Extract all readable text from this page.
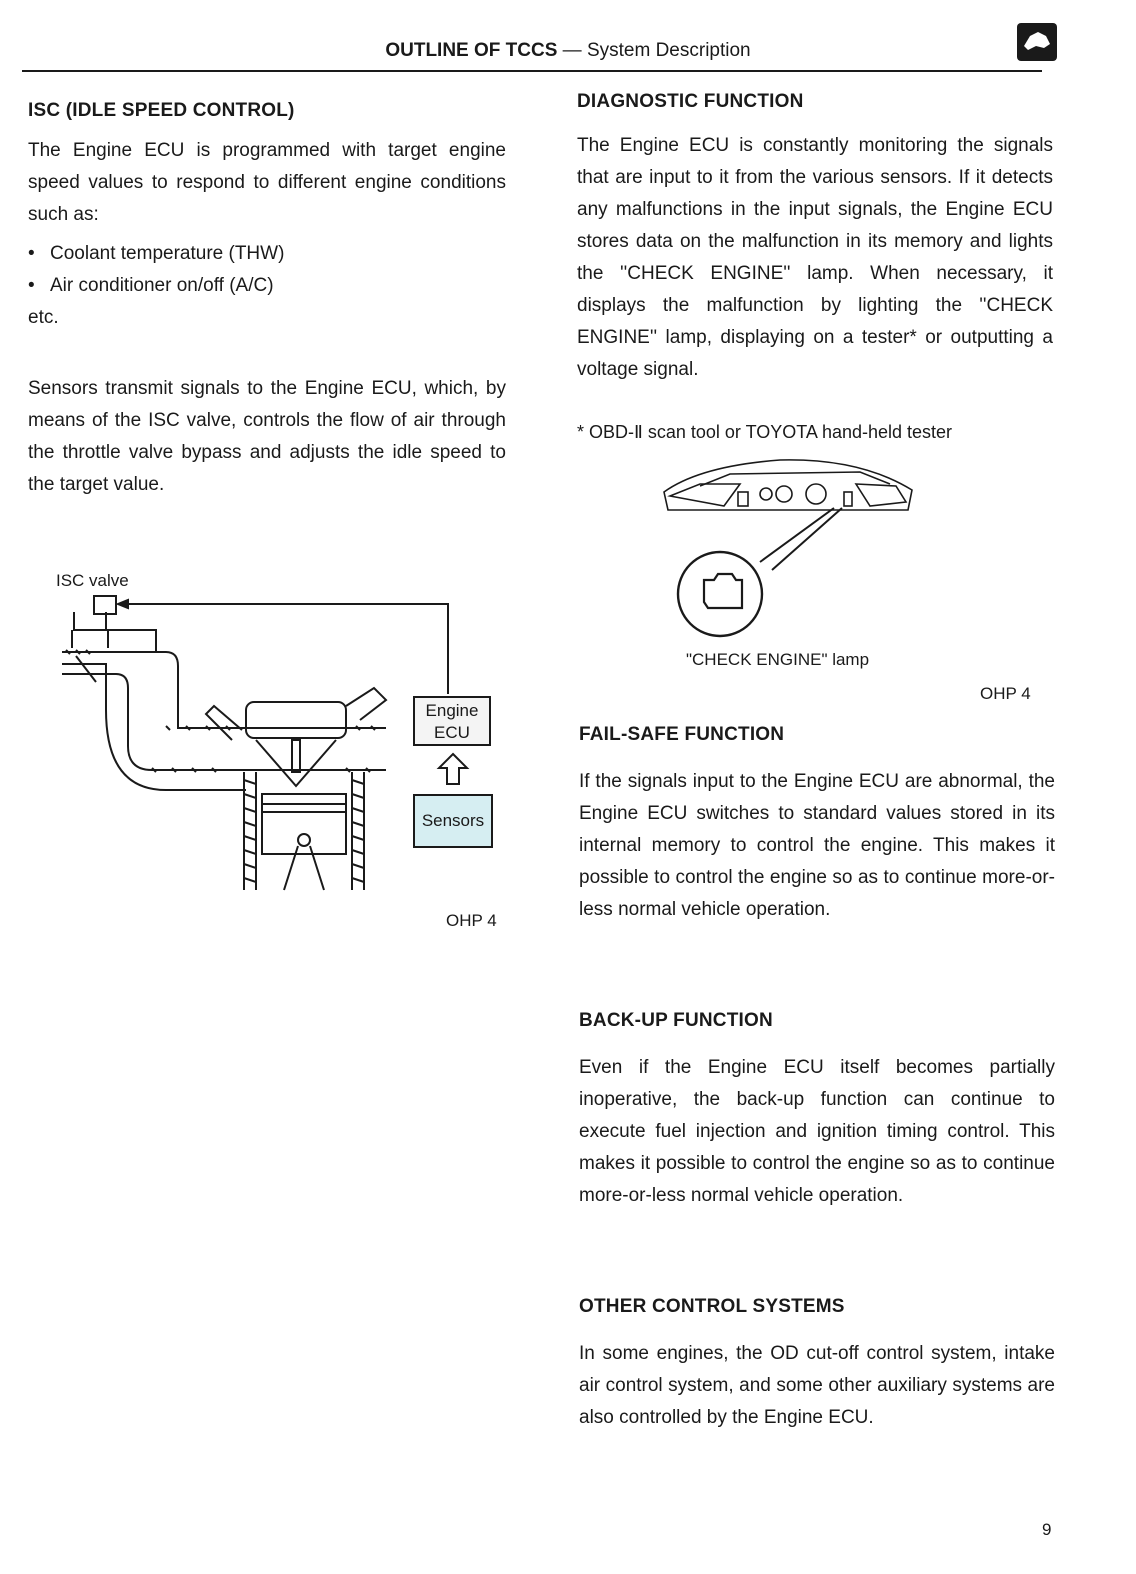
OUTLINE OF TCCS — System Description
ISC (IDLE SPEED CONTROL)
The Engine ECU is programmed with target engine speed values to respond to different engine conditions such as:
• Coolant temperature (THW)
• Air conditioner on/off (A/C)
etc.
Sensors transmit signals to the Engine ECU, which, by means of the ISC valve, controls the flow of air through the throttle valve bypass and adjusts the idle speed to the target value.
ISC valve
Engine
ECU
Sensors
OHP 4
DIAGNOSTIC FUNCTION
The Engine ECU is constantly monitoring the signals that are input to it from the various sensors. If it detects any malfunctions in the input signals, the Engine ECU stores data on the malfunction in its memory and lights the ''CHECK ENGINE'' lamp. When necessary, it displays the malfunction by lighting the ''CHECK ENGINE'' lamp, displaying on a tester* or outputting a voltage signal.
* OBD-Ⅱ scan tool or TOYOTA hand-held tester
"CHECK ENGINE" lamp
OHP 4
FAIL-SAFE FUNCTION
If the signals input to the Engine ECU are abnormal, the Engine ECU switches to standard values stored in its internal memory to control the engine. This makes it possible to control the engine so as to continue more-or-less normal vehicle operation.
BACK-UP FUNCTION
Even if the Engine ECU itself becomes partially inoperative, the back-up function can continue to execute fuel injection and ignition timing control. This makes it possible to control the engine so as to continue more-or-less normal vehicle operation.
OTHER CONTROL SYSTEMS
In some engines, the OD cut-off control system, intake air control system, and some other auxiliary systems are also controlled by the Engine ECU.
9
